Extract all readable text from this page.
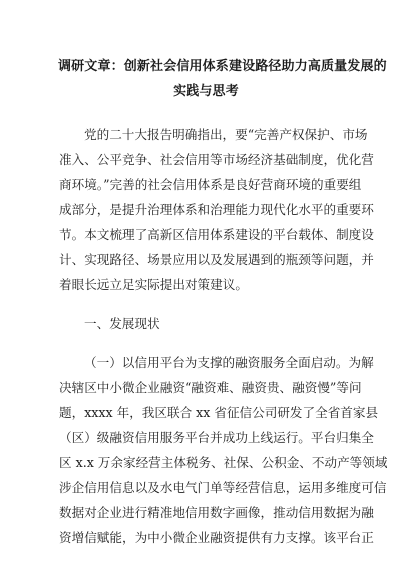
调研文章：创新社会信用体系建设路径助力高质量发展的
实践与思考

党的二十大报告明确指出，要“完善产权保护、市场

准入、公平竞争、社会信用等市场经济基础制度，优化营

商环境。”完善的社会信用体系是良好营商环境的重要组

成部分，是提升治理体系和治理能力现代化水平的重要环

节。本文梳理了高新区信用体系建设的平台载体、制度设

计、实现路径、场景应用以及发展遇到的瓶颈等问题，并

着眼长远立足实际提出对策建议。

一、发展现状

（一）以信用平台为支撑的融资服务全面启动。为解

决辖区中小微企业融资“融资难、融资贵、融资慢”等问

题，xxxx 年，我区联合 xx 省征信公司研发了全省首家县

（区）级融资信用服务平台并成功上线运行。平台归集全

区 x.x 万余家经营主体税务、社保、公积金、不动产等领域

涉企信用信息以及水电气门单等经营信息，运用多维度可信

数据对企业进行精准地信用数字画像，推动信用数据为融

资增信赋能，为中小微企业融资提供有力支撑。该平台正
